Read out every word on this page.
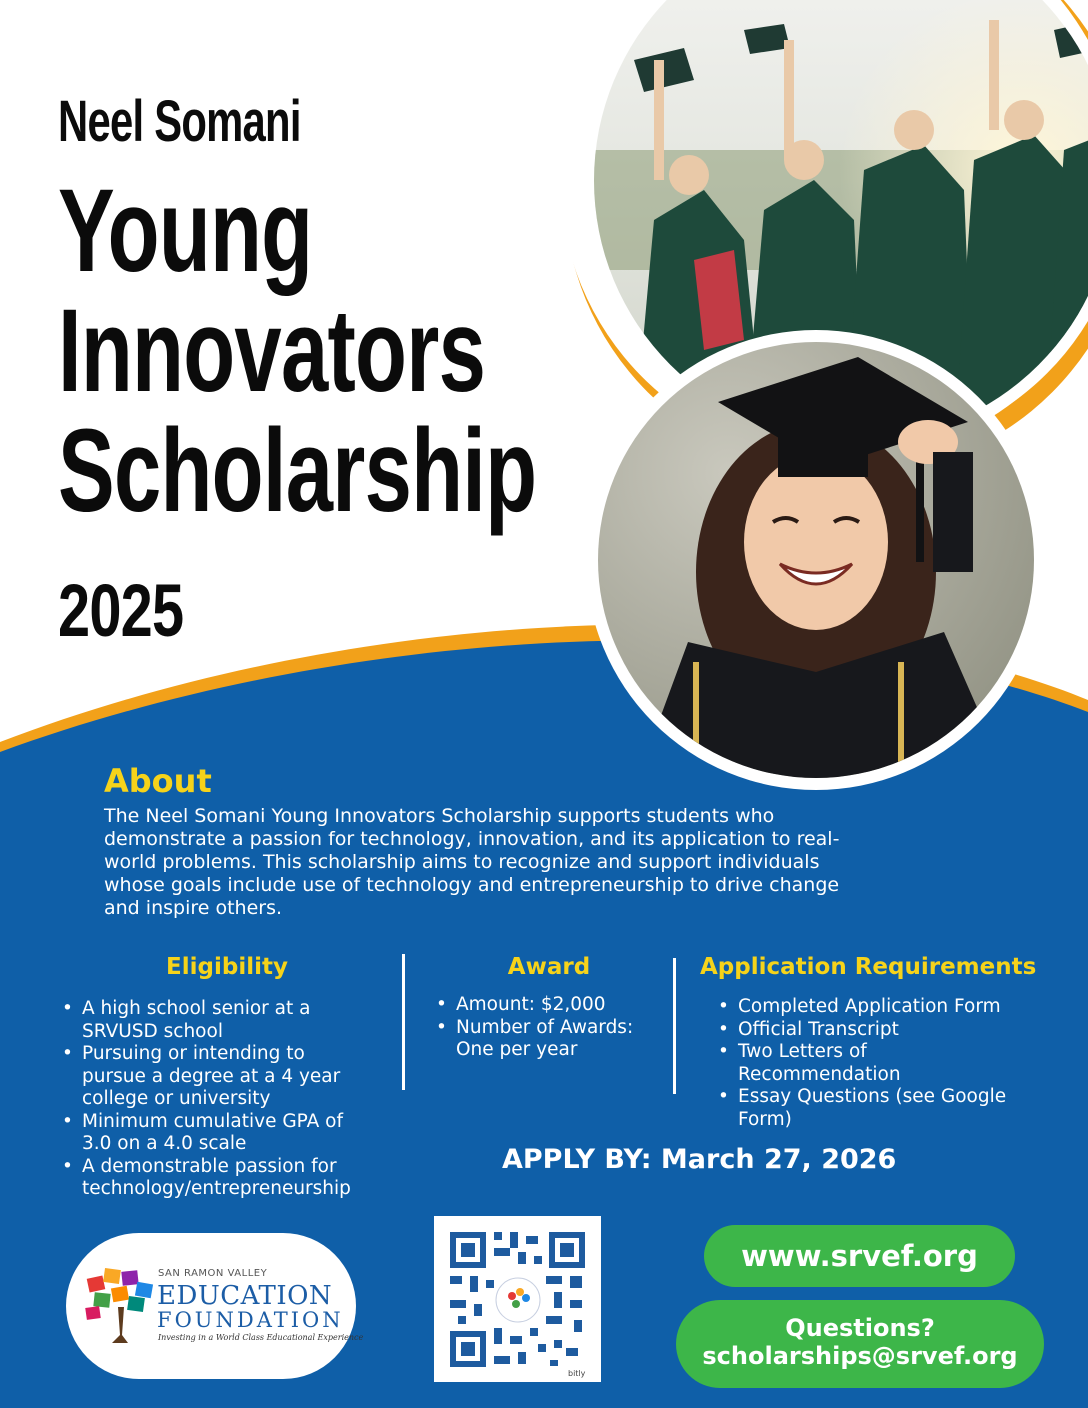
Neel Somani
Young
Innovators
Scholarship
2025
About
The Neel Somani Young Innovators Scholarship supports students who
demonstrate a passion for technology, innovation, and its application to real-
world problems. This scholarship aims to recognize and support individuals
whose goals include use of technology and entrepreneurship to drive change
and inspire others.
Eligibility
• A high school senior at a
SRVUSD school
• Pursuing or intending to
pursue a degree at a 4 year
college or university
• Minimum cumulative GPA of
3.0 on a 4.0 scale
• A demonstrable passion for
technology/entrepreneurship
Award
• Amount: $2,000
• Number of Awards:
One per year
Application Requirements
• Completed Application Form
• Official Transcript
• Two Letters of
Recommendation
• Essay Questions (see Google
Form)
APPLY BY: March 27, 2026
SAN RAMON VALLEY
EDUCATION
FOUNDATION
Investing in a World Class Educational Experience
bitly
www.srvef.org
Questions?
scholarships@srvef.org
